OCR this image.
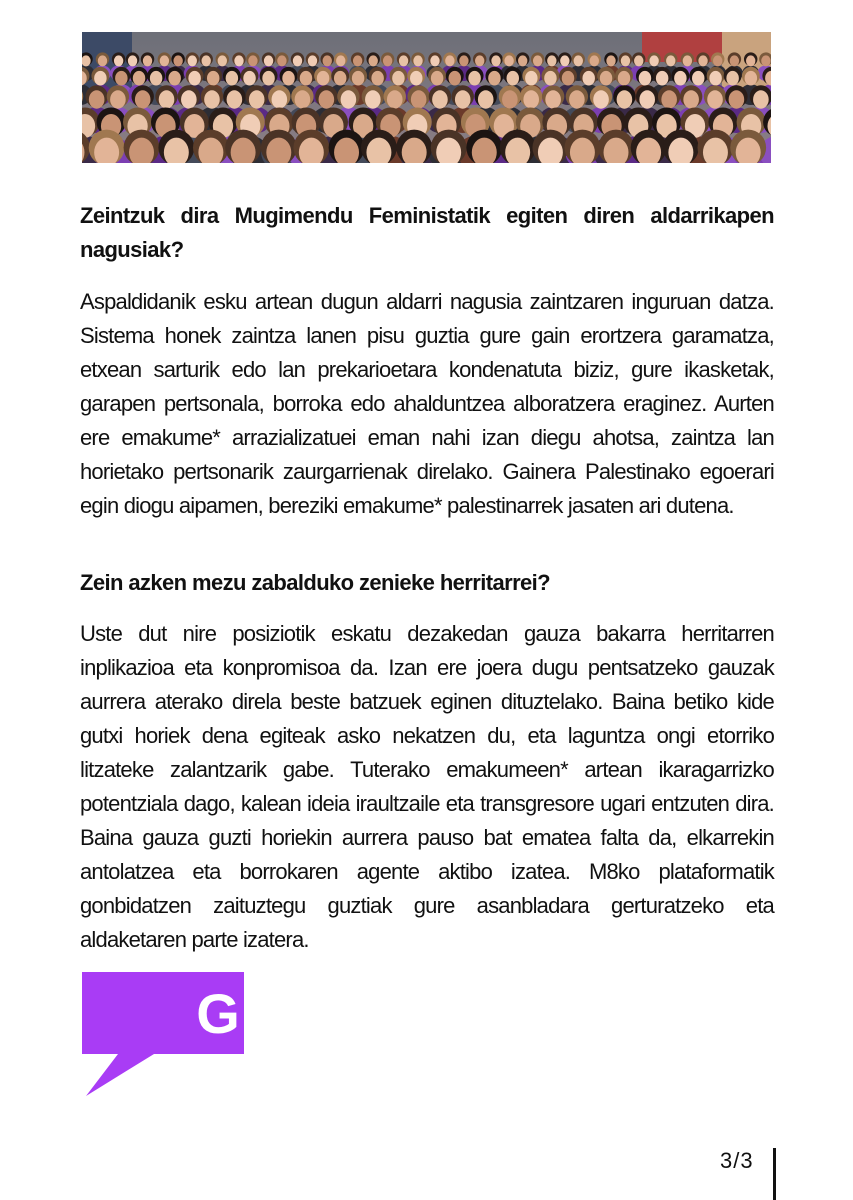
Zeintzuk dira Mugimendu Feministatik egiten diren aldarrikapen nagusiak?

Aspaldidanik esku artean dugun aldarri nagusia zaintzaren inguruan datza. Sistema honek zaintza lanen pisu guztia gure gain erortzera garamatza, etxean sarturik edo lan prekarioetara kondenatuta biziz, gure ikasketak, garapen pertsonala, borroka edo ahalduntzea alboratzera eraginez. Aurten ere emakume* arrazializatuei eman nahi izan diegu ahotsa, zaintza lan horietako pertsonarik zaurgarrienak direlako. Gainera Palestinako egoerari egin diogu aipamen, bereziki emakume* palestinarrek jasaten ari dutena.

Zein azken mezu zabalduko zenieke herritarrei?

Uste dut nire posiziotik eskatu dezakedan gauza bakarra herritarren inplikazioa eta konpromisoa da. Izan ere joera dugu pentsatzeko gauzak aurrera aterako direla beste batzuek eginen dituztelako. Baina betiko kide gutxi horiek dena egiteak asko nekatzen du, eta laguntza ongi etorriko litzateke zalantzarik gabe. Tuterako emakumeen* artean ikaragarrizko potentziala dago, kalean ideia iraultzaile eta transgresore ugari entzuten dira. Baina gauza guzti horiekin aurrera pauso bat ematea falta da, elkarrekin antolatzea eta borrokaren agente aktibo izatea. M8ko plataformatik gonbidatzen zaituztegu guztiak gure asanbladara gerturatzeko eta aldaketaren parte izatera.

G
3/3
